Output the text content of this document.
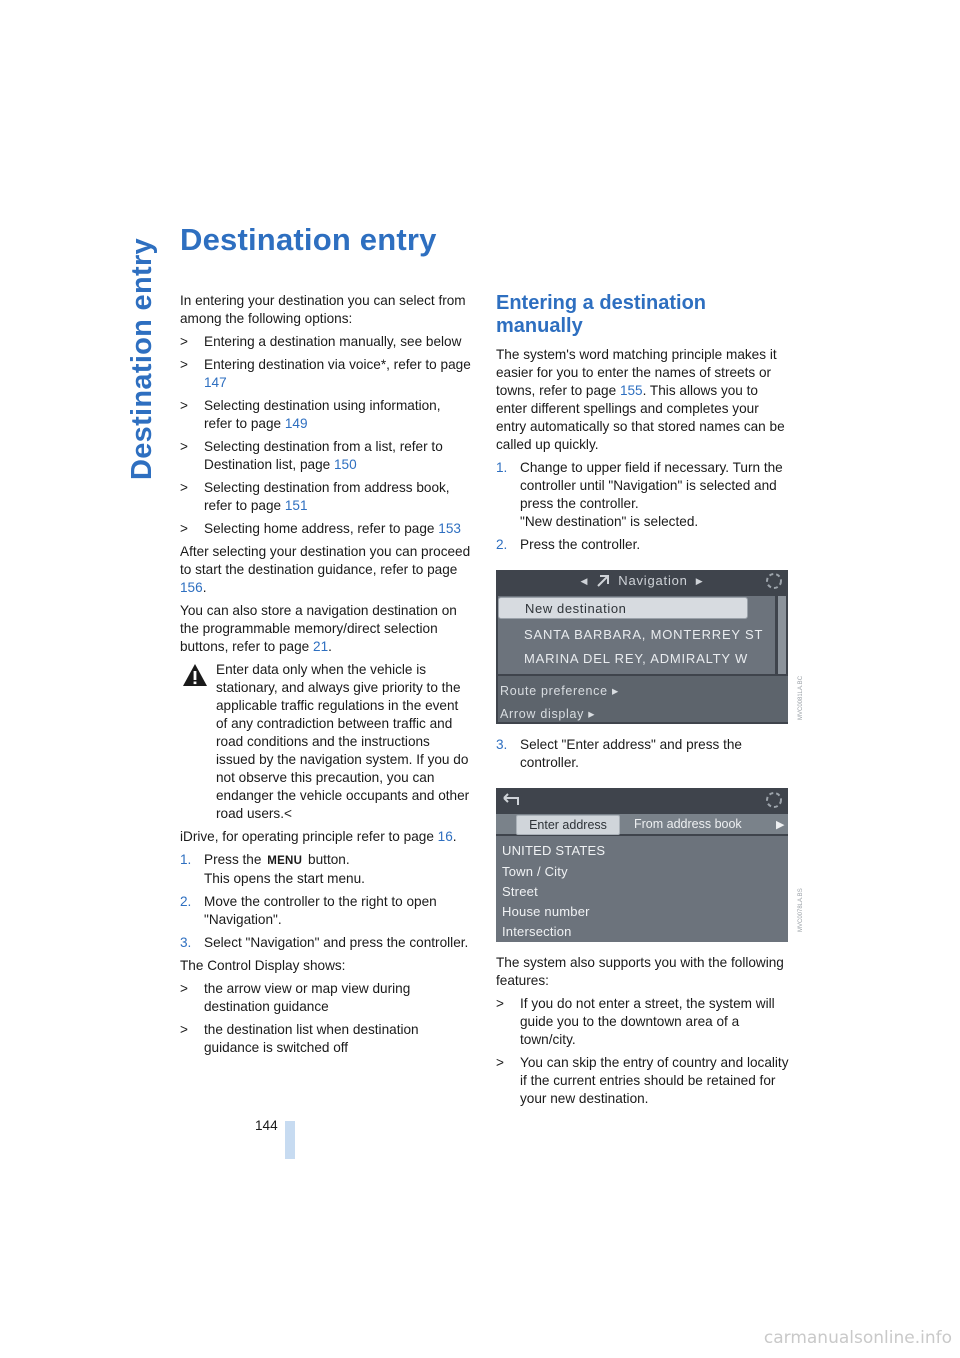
Destination entry Destination entry

In entering your destination you can select from among the following options:

> Entering a destination manually, see below
> Entering destination via voice*, refer to page 147
> Selecting destination using information, refer to page 149
> Selecting destination from a list, refer to Destination list, page 150
> Selecting destination from address book, refer to page 151
> Selecting home address, refer to page 153

After selecting your destination you can proceed to start the destination guidance, refer to page 156.

You can also store a navigation destination on the programmable memory/direct selection buttons, refer to page 21.

Enter data only when the vehicle is stationary, and always give priority to the applicable traffic regulations in the event of any contradiction between traffic and road conditions and the instructions issued by the navigation system. If you do not observe this precaution, you can endanger the vehicle occupants and other road users.<

iDrive, for operating principle refer to page 16.

1. Press the MENU button.
This opens the start menu.
2. Move the controller to the right to open "Navigation".
3. Select "Navigation" and press the controller.

The Control Display shows:

> the arrow view or map view during destination guidance
> the destination list when destination guidance is switched off
Entering a destination manually

The system's word matching principle makes it easier for you to enter the names of streets or towns, refer to page 155. This allows you to enter different spellings and completes your entry automatically so that stored names can be called up quickly.

1. Change to upper field if necessary. Turn the controller until "Navigation" is selected and press the controller.
"New destination" is selected.
2. Press the controller.
◀ Navigation ▶
New destination
SANTA BARBARA, MONTERREY ST
MARINA DEL REY, ADMIRALTY W
Route preference ▸
Arrow display ▸
3. Select "Enter address" and press the controller.
Enter address	From address book	▶
UNITED STATES
Town / City
Street
House number
Intersection

The system also supports you with the following features:

> If you do not enter a street, the system will guide you to the downtown area of a town/city.
> You can skip the entry of country and locality if the current entries should be retained for your new destination.
MVC0081LA.BC
MVC0078LA.BS
144
carmanualsonline.info
